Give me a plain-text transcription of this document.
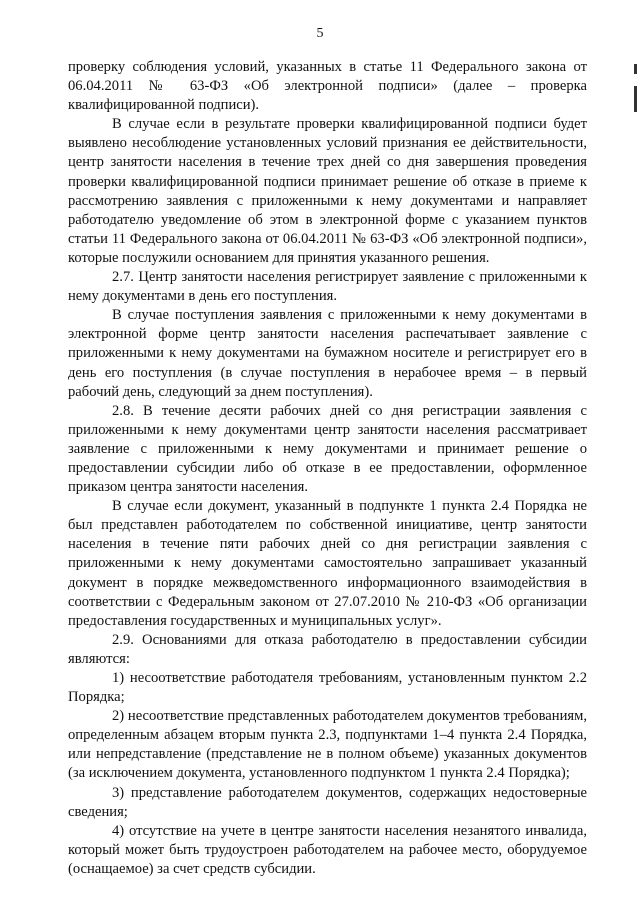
5

проверку соблюдения условий, указанных в статье 11 Федерального закона от 06.04.2011 № 63-ФЗ «Об электронной подписи» (далее – проверка квалифицированной подписи).

В случае если в результате проверки квалифицированной подписи будет выявлено несоблюдение установленных условий признания ее действительности, центр занятости населения в течение трех дней со дня завершения проведения проверки квалифицированной подписи принимает решение об отказе в приеме к рассмотрению заявления с приложенными к нему документами и направляет работодателю уведомление об этом в электронной форме с указанием пунктов статьи 11 Федерального закона от 06.04.2011 № 63-ФЗ «Об электронной подписи», которые послужили основанием для принятия указанного решения.

2.7. Центр занятости населения регистрирует заявление с приложенными к нему документами в день его поступления.

В случае поступления заявления с приложенными к нему документами в электронной форме центр занятости населения распечатывает заявление с приложенными к нему документами на бумажном носителе и регистрирует его в день его поступления (в случае поступления в нерабочее время – в первый рабочий день, следующий за днем поступления).

2.8. В течение десяти рабочих дней со дня регистрации заявления с приложенными к нему документами центр занятости населения рассматривает заявление с приложенными к нему документами и принимает решение о предоставлении субсидии либо об отказе в ее предоставлении, оформленное приказом центра занятости населения.

В случае если документ, указанный в подпункте 1 пункта 2.4 Порядка не был представлен работодателем по собственной инициативе, центр занятости населения в течение пяти рабочих дней со дня регистрации заявления с приложенными к нему документами самостоятельно запрашивает указанный документ в порядке межведомственного информационного взаимодействия в соответствии с Федеральным законом от 27.07.2010 № 210-ФЗ «Об организации предоставления государственных и муниципальных услуг».

2.9. Основаниями для отказа работодателю в предоставлении субсидии являются:

1) несоответствие работодателя требованиям, установленным пунктом 2.2 Порядка;

2) несоответствие представленных работодателем документов требованиям, определенным абзацем вторым пункта 2.3, подпунктами 1–4 пункта 2.4 Порядка, или непредставление (представление не в полном объеме) указанных документов (за исключением документа, установленного подпунктом 1 пункта 2.4 Порядка);

3) представление работодателем документов, содержащих недостоверные сведения;

4) отсутствие на учете в центре занятости населения незанятого инвалида, который может быть трудоустроен работодателем на рабочее место, оборудуемое (оснащаемое) за счет средств субсидии.
